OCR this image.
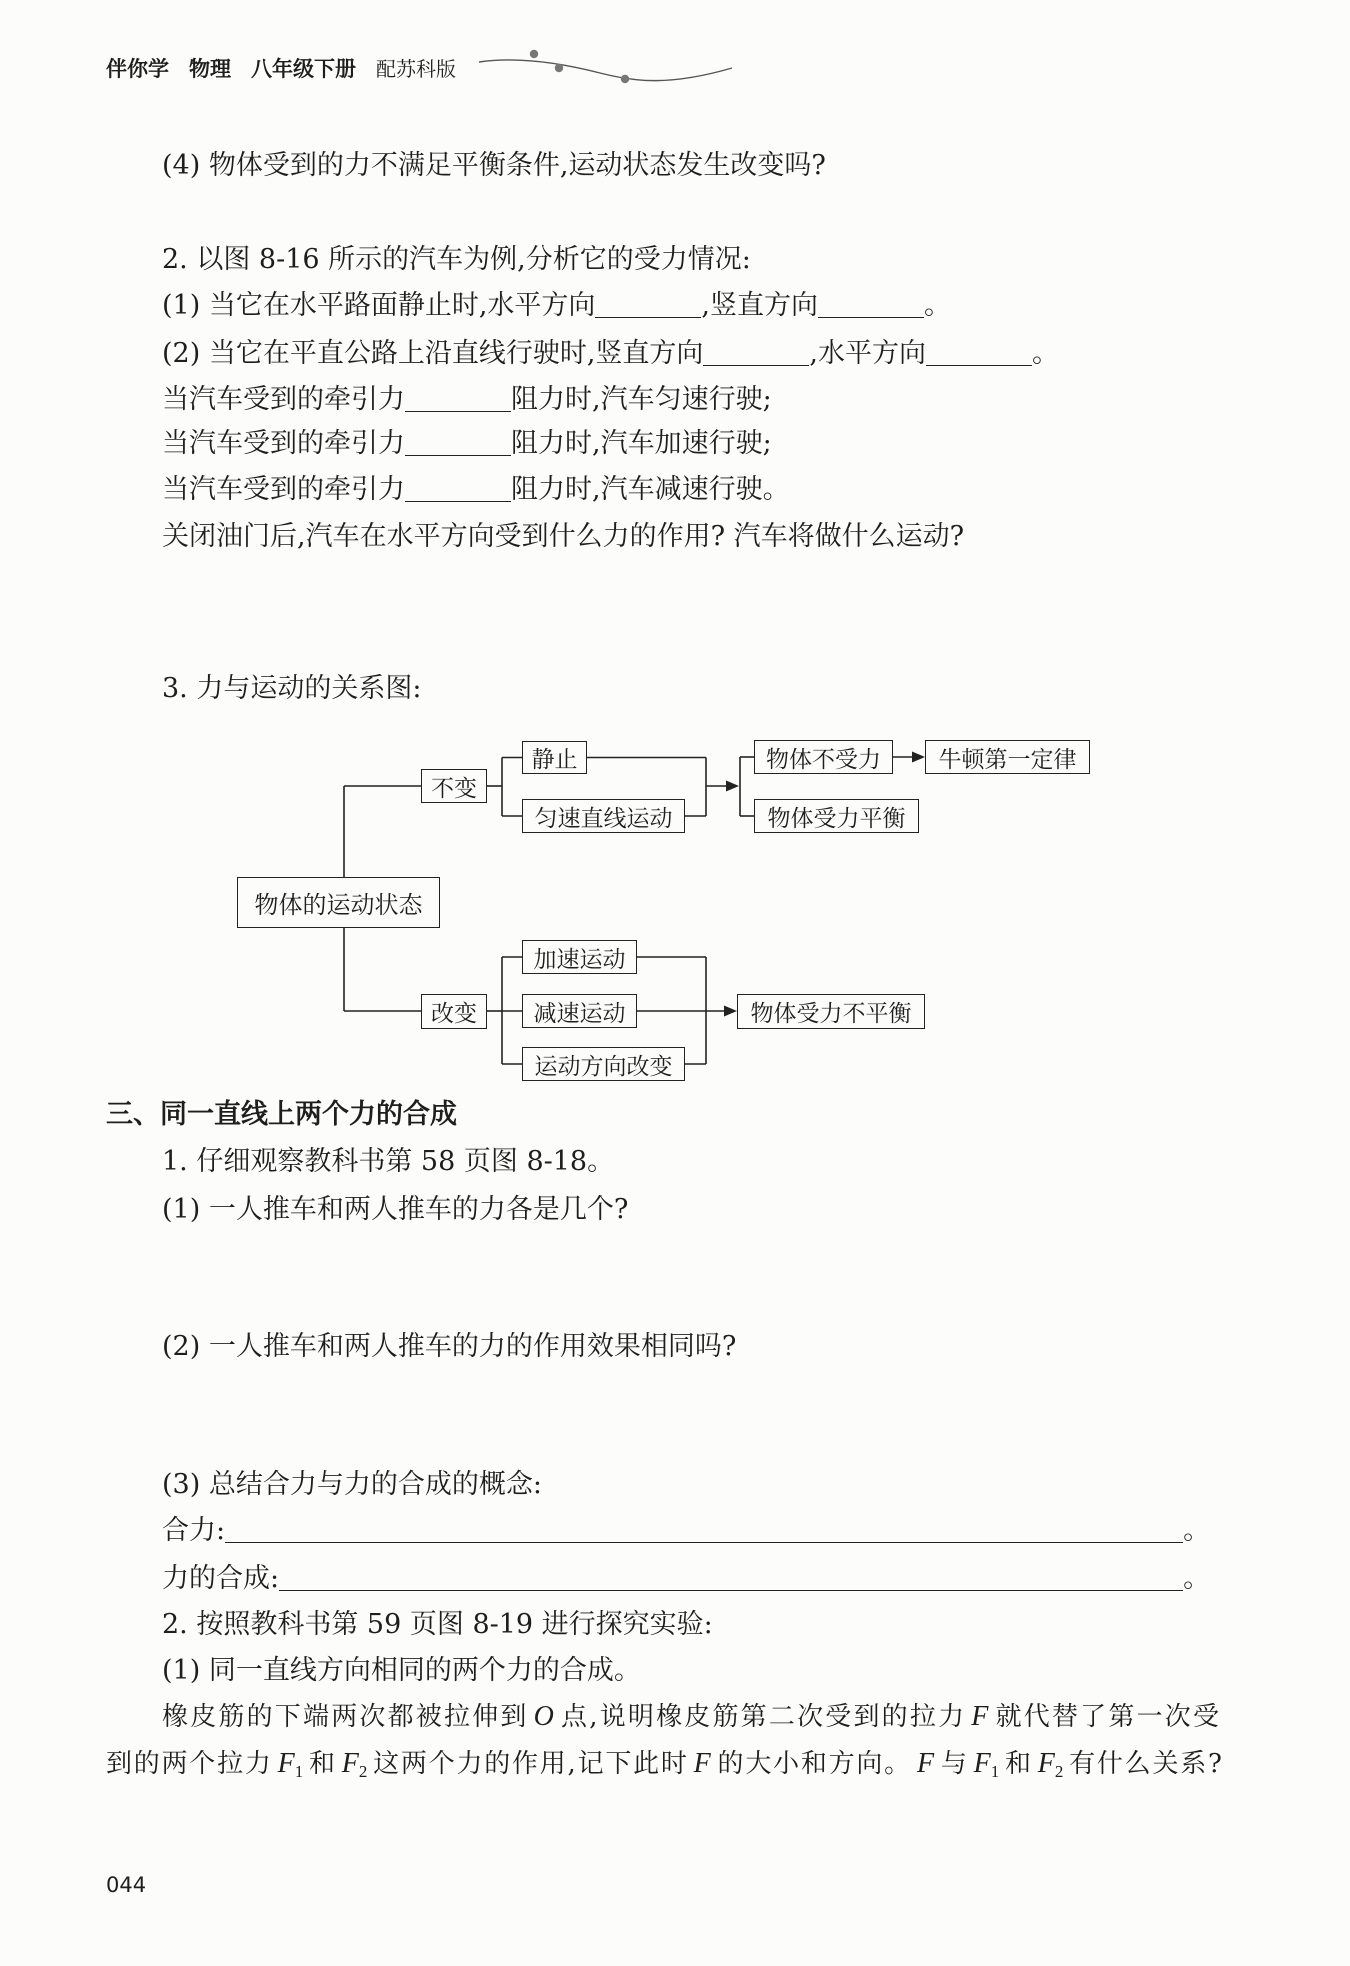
伴你学 物理 八年级下册 配苏科版
(4) 物体受到的力不满足平衡条件,运动状态发生改变吗?
2. 以图 8-16 所示的汽车为例,分析它的受力情况:
(1) 当它在水平路面静止时,水平方向	,竖直方向	。
(2) 当它在平直公路上沿直线行驶时,竖直方向	,水平方向	。
当汽车受到的牵引力	阻力时,汽车匀速行驶;
当汽车受到的牵引力	阻力时,汽车加速行驶;
当汽车受到的牵引力	阻力时,汽车减速行驶。
关闭油门后,汽车在水平方向受到什么力的作用? 汽车将做什么运动?
3. 力与运动的关系图:
物体的运动状态
不变
改变
静止
匀速直线运动
物体不受力	牛顿第一定律
物体受力平衡
加速运动
减速运动
运动方向改变
物体受力不平衡
三、同一直线上两个力的合成
1. 仔细观察教科书第 58 页图 8-18。
(1) 一人推车和两人推车的力各是几个?
(2) 一人推车和两人推车的力的作用效果相同吗?
(3) 总结合力与力的合成的概念:
合力:	。
力的合成:	。
2. 按照教科书第 59 页图 8-19 进行探究实验:
(1) 同一直线方向相同的两个力的合成。
橡皮筋的下端两次都被拉伸到 O 点,说明橡皮筋第二次受到的拉力 F 就代替了第一次受
到的两个拉力 $F_1$ 和 $F_2$ 这两个力的作用,记下此时 F 的大小和方向。 F 与 $F_1$ 和 $F_2$ 有什么关系?
044
